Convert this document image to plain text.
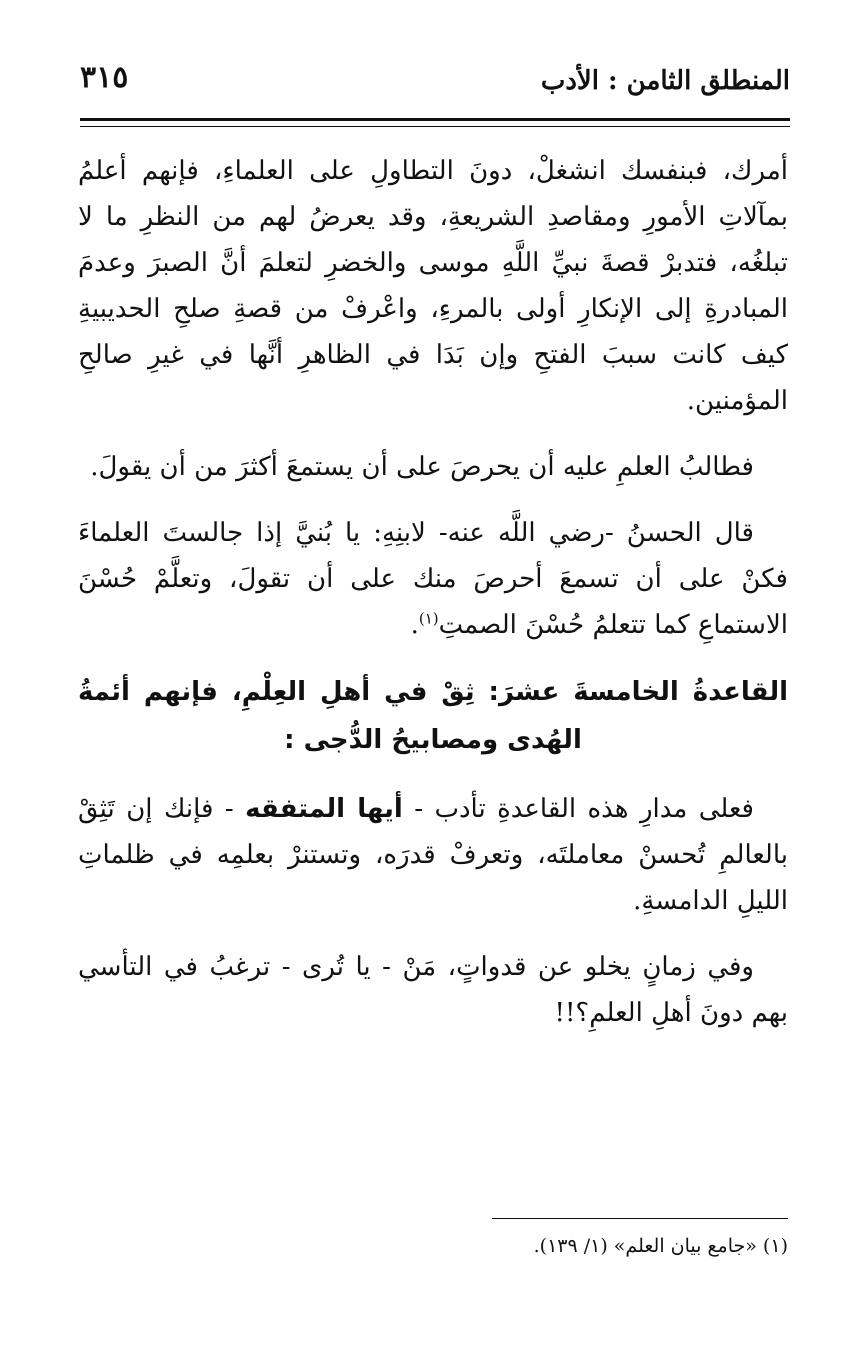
٣١٥	المنطلق الثامن : الأدب

أمرك، فبنفسك انشغلْ، دونَ التطاولِ على العلماءِ، فإنهم أعلمُ بمآلاتِ الأمورِ ومقاصدِ الشريعةِ، وقد يعرضُ لهم من النظرِ ما لا تبلغُه، فتدبرْ قصةَ نبيِّ اللَّهِ موسى والخضرِ لتعلمَ أنَّ الصبرَ وعدمَ المبادرةِ إلى الإنكارِ أولى بالمرءِ، واعْرفْ من قصةِ صلحِ الحديبيةِ كيف كانت سببَ الفتحِ وإن بَدَا في الظاهرِ أنَّها في غيرِ صالحِ المؤمنين.

فطالبُ العلمِ عليه أن يحرصَ على أن يستمعَ أكثرَ من أن يقولَ.

قال الحسنُ -رضي اللَّه عنه- لابنِهِ: يا بُنيَّ إذا جالستَ العلماءَ فكنْ على أن تسمعَ أحرصَ منك على أن تقولَ، وتعلَّمْ حُسْنَ الاستماعِ كما تتعلمُ حُسْنَ الصمتِ$^{(١)}$.

القاعدةُ الخامسةَ عشرَ: ثِقْ في أهلِ العِلْمِ، فإنهم أئمةُ الهُدى ومصابيحُ الدُّجى :

فعلى مدارِ هذه القاعدةِ تأدب - أيها المتفقه - فإنك إن تَثِقْ بالعالمِ تُحسنْ معاملتَه، وتعرفْ قدرَه، وتستنرْ بعلمِه في ظلماتِ الليلِ الدامسةِ.

وفي زمانٍ يخلو عن قدواتٍ، مَنْ - يا تُرى - ترغبُ في التأسي بهم دونَ أهلِ العلمِ؟!!

(١) «جامع بيان العلم» (١/ ١٣٩).
